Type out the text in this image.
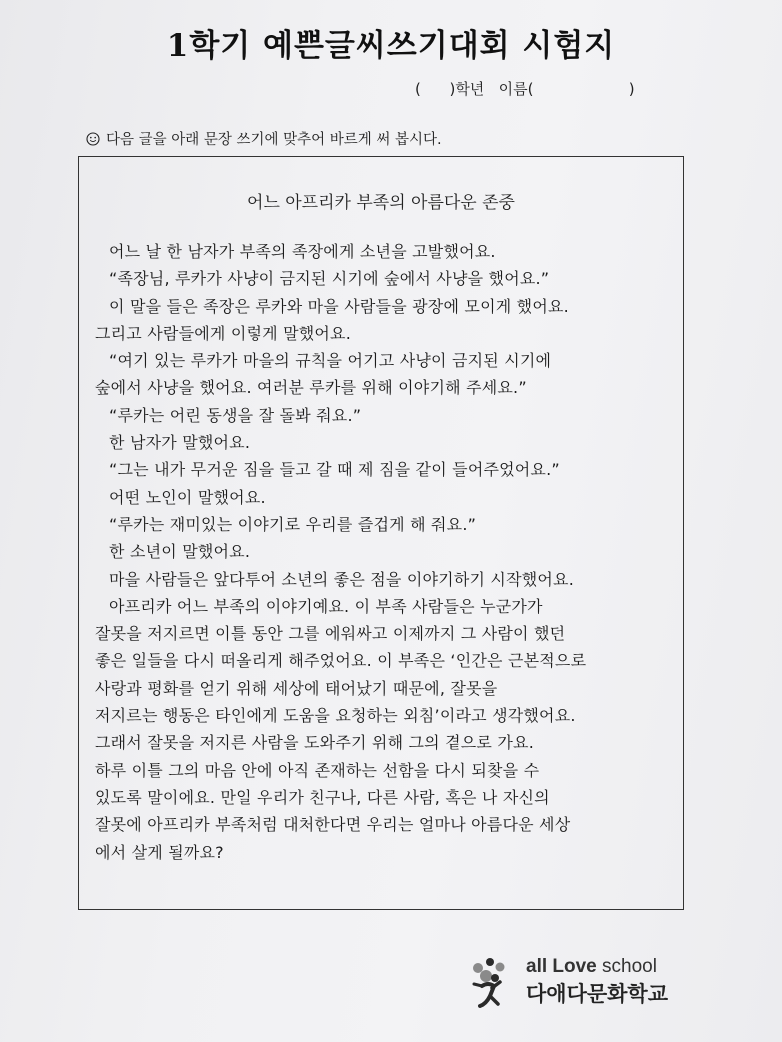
1학기 예쁜글씨쓰기대회 시험지
(      )학년   이름(                    )
다음 글을 아래 문장 쓰기에 맞추어 바르게 써 봅시다.
어느 아프리카 부족의 아름다운 존중
어느 날 한 남자가 부족의 족장에게 소년을 고발했어요.
“족장님, 루카가 사냥이 금지된 시기에 숲에서 사냥을 했어요.”
이 말을 들은 족장은 루카와 마을 사람들을 광장에 모이게 했어요.
그리고 사람들에게 이렇게 말했어요.
“여기 있는 루카가 마을의 규칙을 어기고 사냥이 금지된 시기에
숲에서 사냥을 했어요. 여러분 루카를 위해 이야기해 주세요.”
“루카는 어린 동생을 잘 돌봐 줘요.”
한 남자가 말했어요.
“그는 내가 무거운 짐을 들고 갈 때 제 짐을 같이 들어주었어요.”
어떤 노인이 말했어요.
“루카는 재미있는 이야기로 우리를 즐겁게 해 줘요.”
한 소년이 말했어요.
마을 사람들은 앞다투어 소년의 좋은 점을 이야기하기 시작했어요.
아프리카 어느 부족의 이야기예요. 이 부족 사람들은 누군가가
잘못을 저지르면 이틀 동안 그를 에워싸고 이제까지 그 사람이 했던
좋은 일들을 다시 떠올리게 해주었어요. 이 부족은 ‘인간은 근본적으로
사랑과 평화를 얻기 위해 세상에 태어났기 때문에, 잘못을
저지르는 행동은 타인에게 도움을 요청하는 외침’이라고 생각했어요.
그래서 잘못을 저지른 사람을 도와주기 위해 그의 곁으로 가요.
하루 이틀 그의 마음 안에 아직 존재하는 선함을 다시 되찾을 수
있도록 말이에요. 만일 우리가 친구나, 다른 사람, 혹은 나 자신의
잘못에 아프리카 부족처럼 대처한다면 우리는 얼마나 아름다운 세상
에서 살게 될까요?
all Love school
다애다문화학교
